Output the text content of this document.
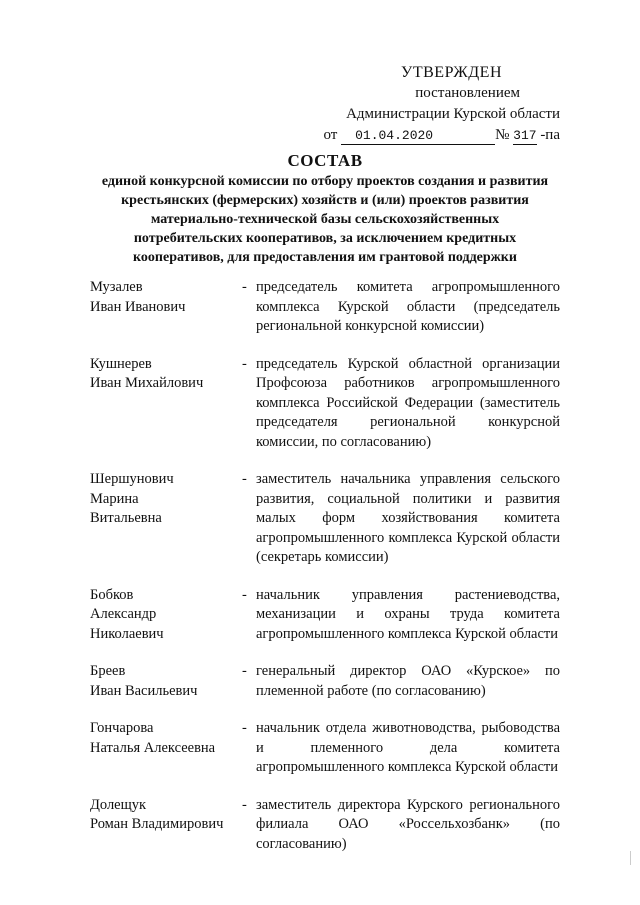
УТВЕРЖДЕН
постановлением
Администрации Курской области
от 01.04.2020	№ 317 -па
СОСТАВ
единой конкурсной комиссии по отбору проектов создания и развития
крестьянских (фермерских) хозяйств и (или) проектов развития
материально-технической базы сельскохозяйственных
потребительских кооперативов, за исключением кредитных
кооперативов, для предоставления им грантовой поддержки
Музалев
Иван Иванович
- председатель комитета агропромышленного комплекса Курской области (председатель региональной конкурсной комиссии)
Кушнерев
Иван Михайлович
- председатель Курской областной организации Профсоюза работников агропромышленного комплекса Российской Федерации (заместитель председателя региональной конкурсной комиссии, по согласованию)
Шершунович
Марина
Витальевна
- заместитель начальника управления сельского развития, социальной политики и развития малых форм хозяйствования комитета агропромышленного комплекса Курской области (секретарь комиссии)
Бобков
Александр
Николаевич
- начальник управления растениеводства, механизации и охраны труда комитета агропромышленного комплекса Курской области
Бреев
Иван Васильевич
- генеральный директор ОАО «Курское» по племенной работе (по согласованию)
Гончарова
Наталья Алексеевна
- начальник отдела животноводства, рыбоводства и племенного дела комитета агропромышленного комплекса Курской области
Долещук
Роман Владимирович
- заместитель директора Курского регионального филиала ОАО «Россельхозбанк» (по согласованию)
